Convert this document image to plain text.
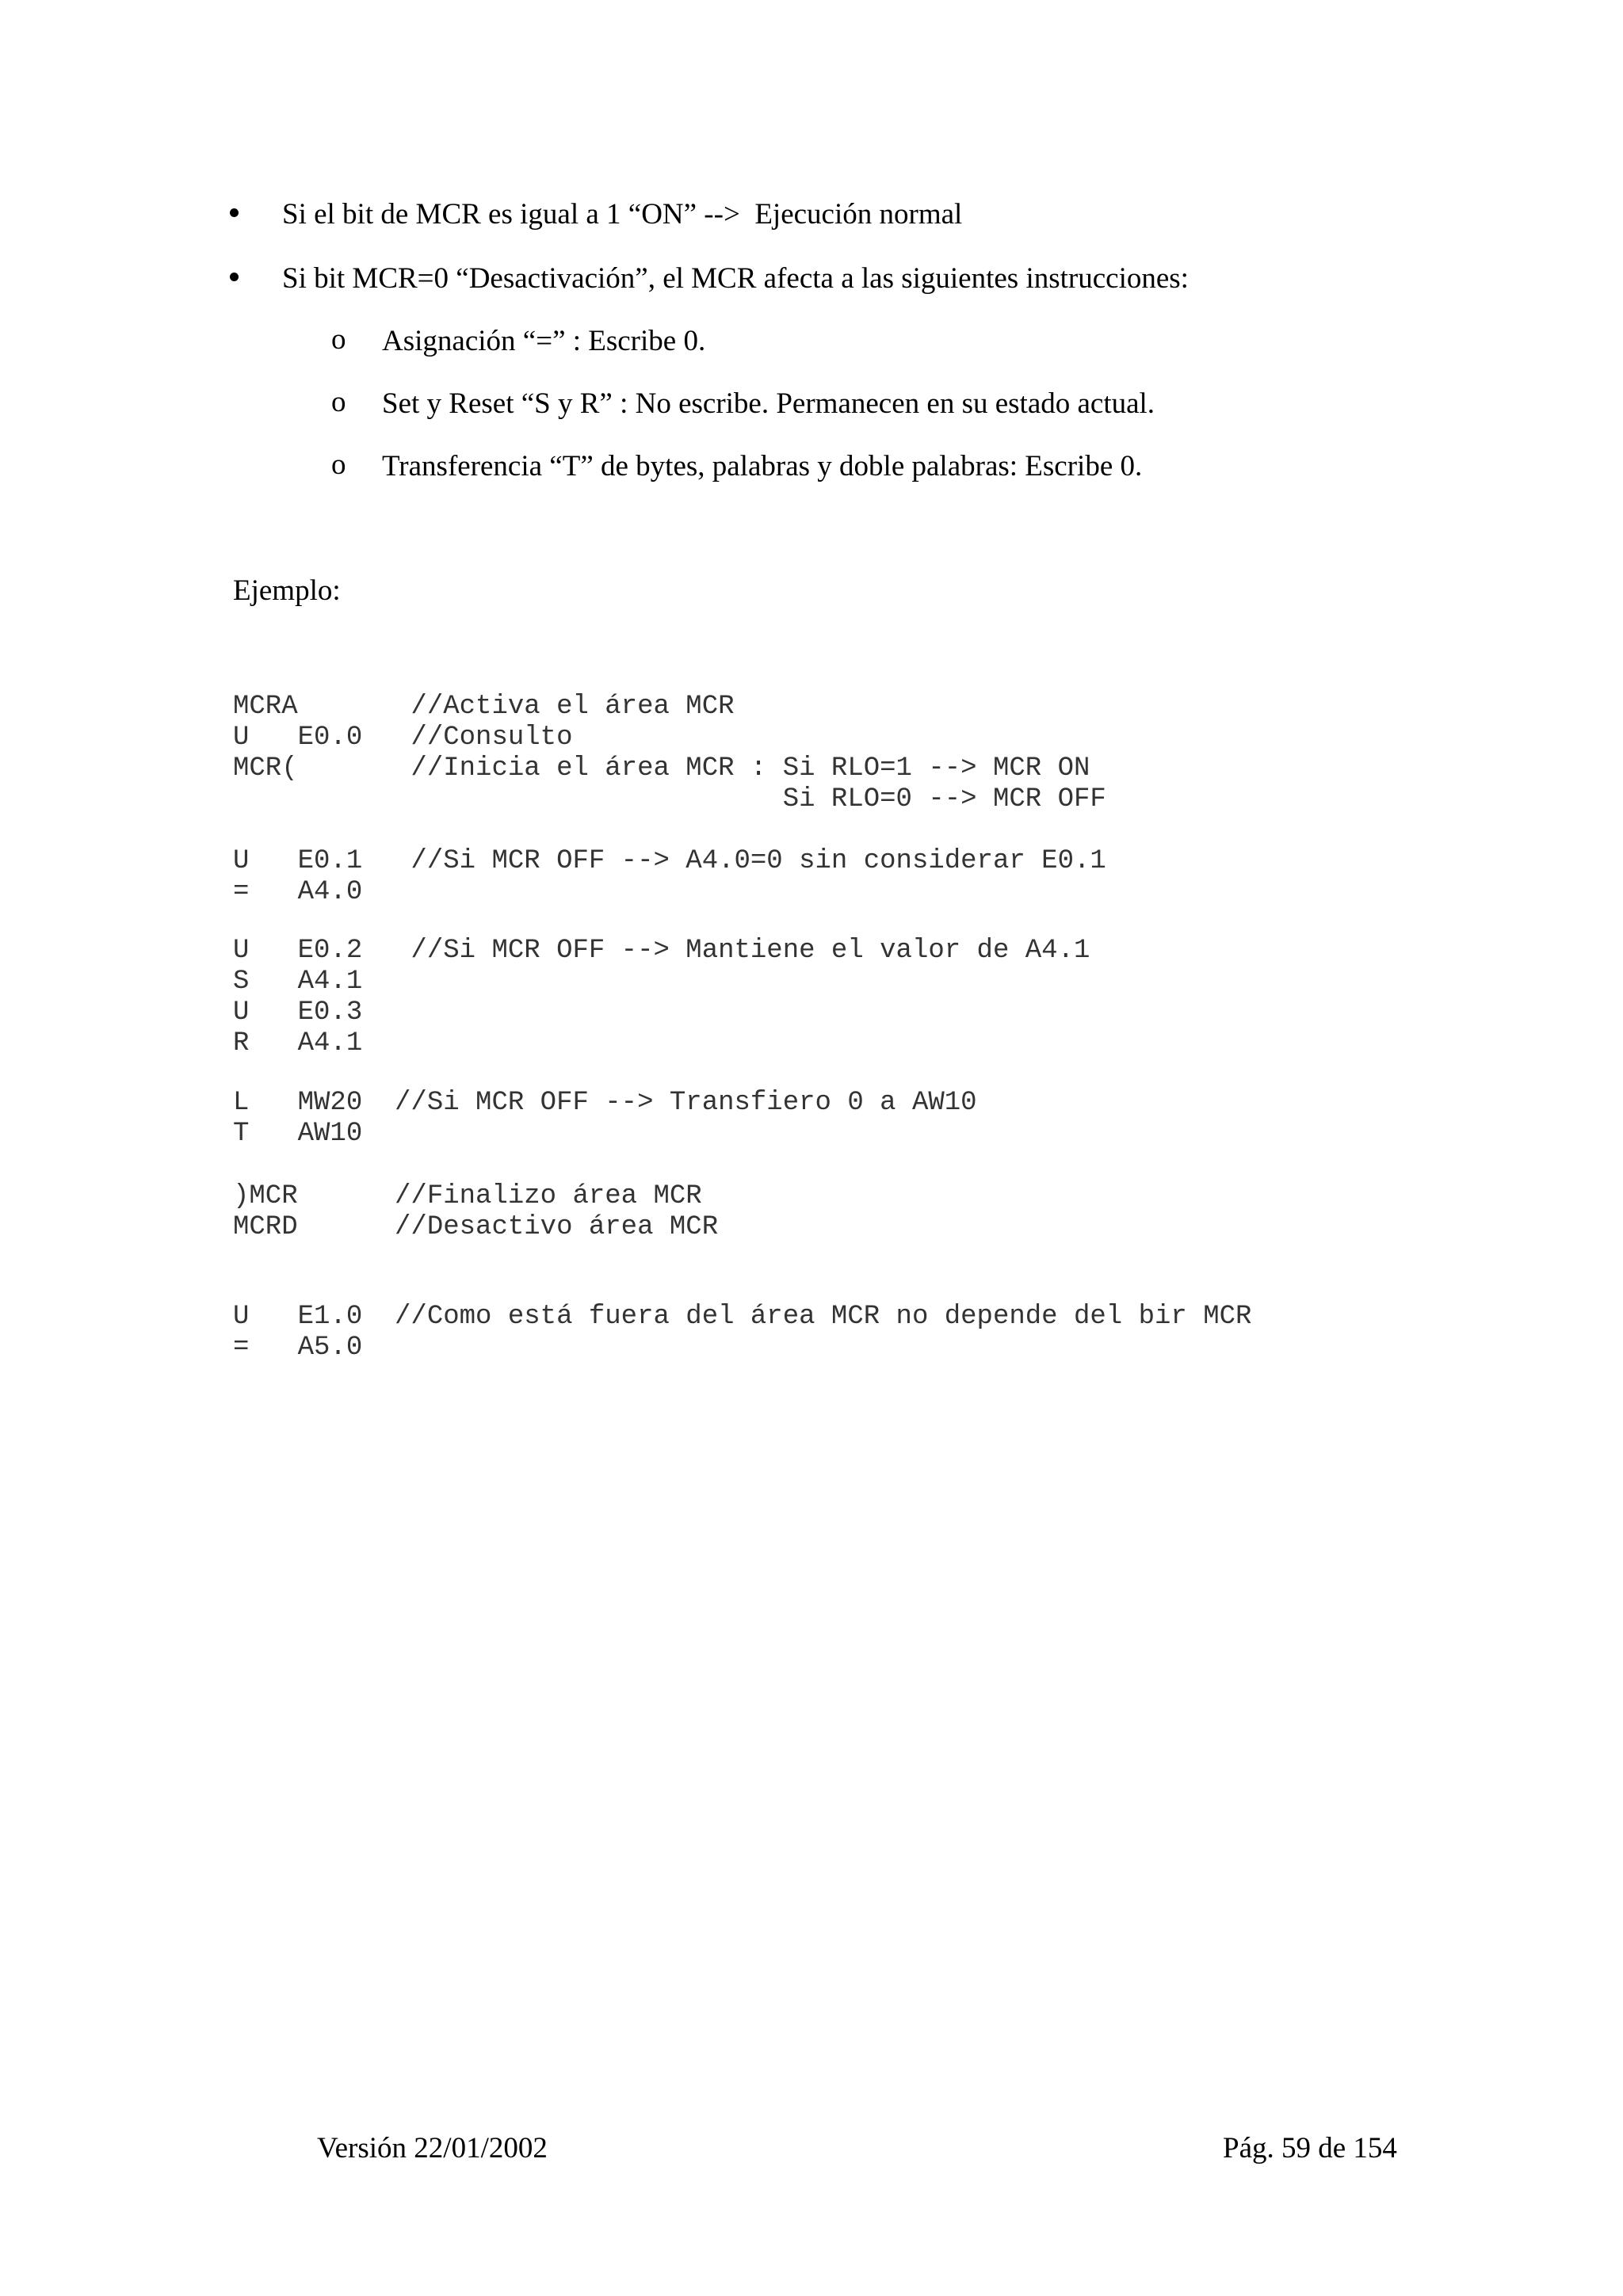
Si el bit de MCR es igual a 1 “ON” -->  Ejecución normal

Si bit MCR=0 “Desactivación”, el MCR afecta a las siguientes instrucciones:

o

Asignación “=” : Escribe 0.

o

Set y Reset “S y R” : No escribe. Permanecen en su estado actual.

o

Transferencia “T” de bytes, palabras y doble palabras: Escribe 0.

Ejemplo:
MCRA       //Activa el área MCR
U   E0.0   //Consulto
MCR(       //Inicia el área MCR : Si RLO=1 --> MCR ON
Si RLO=0 --> MCR OFF
U   E0.1   //Si MCR OFF --> A4.0=0 sin considerar E0.1
=   A4.0
U   E0.2   //Si MCR OFF --> Mantiene el valor de A4.1
S   A4.1
U   E0.3
R   A4.1
L   MW20  //Si MCR OFF --> Transfiero 0 a AW10
T   AW10
)MCR      //Finalizo área MCR
MCRD      //Desactivo área MCR
U   E1.0  //Como está fuera del área MCR no depende del bir MCR
=   A5.0
Versión 22/01/2002	Pág. 59 de 154
